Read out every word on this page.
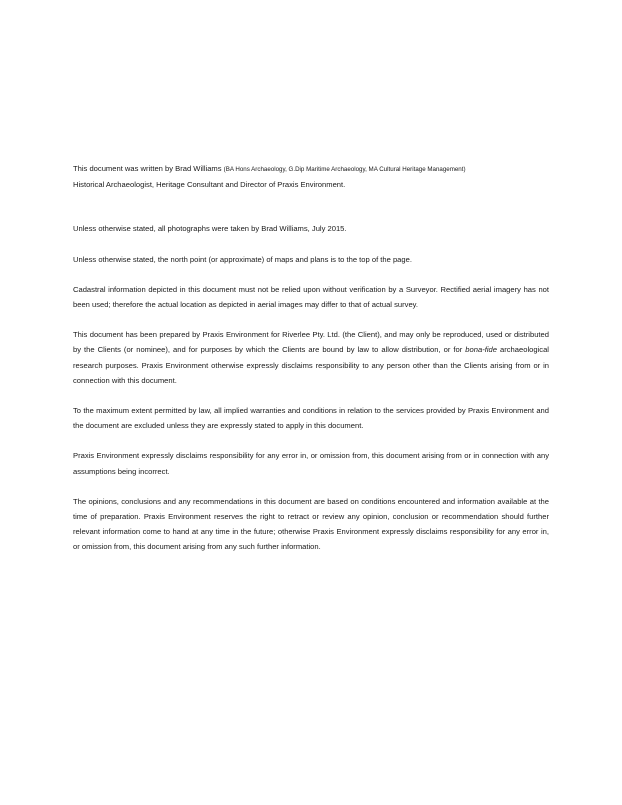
This document was written by Brad Williams (BA Hons Archaeology, G.Dip Maritime Archaeology, MA Cultural Heritage Management)

Historical Archaeologist, Heritage Consultant and Director of Praxis Environment.

Unless otherwise stated, all photographs were taken by Brad Williams, July 2015.

Unless otherwise stated, the north point (or approximate) of maps and plans is to the top of the page.

Cadastral information depicted in this document must not be relied upon without verification by a Surveyor. Rectified aerial imagery has not been used; therefore the actual location as depicted in aerial images may differ to that of actual survey.

This document has been prepared by Praxis Environment for Riverlee Pty. Ltd. (the Client), and may only be reproduced, used or distributed by the Clients (or nominee), and for purposes by which the Clients are bound by law to allow distribution, or for bona-fide archaeological research purposes. Praxis Environment otherwise expressly disclaims responsibility to any person other than the Clients arising from or in connection with this document.

To the maximum extent permitted by law, all implied warranties and conditions in relation to the services provided by Praxis Environment and the document are excluded unless they are expressly stated to apply in this document.

Praxis Environment expressly disclaims responsibility for any error in, or omission from, this document arising from or in connection with any assumptions being incorrect.

The opinions, conclusions and any recommendations in this document are based on conditions encountered and information available at the time of preparation. Praxis Environment reserves the right to retract or review any opinion, conclusion or recommendation should further relevant information come to hand at any time in the future; otherwise Praxis Environment expressly disclaims responsibility for any error in, or omission from, this document arising from any such further information.
